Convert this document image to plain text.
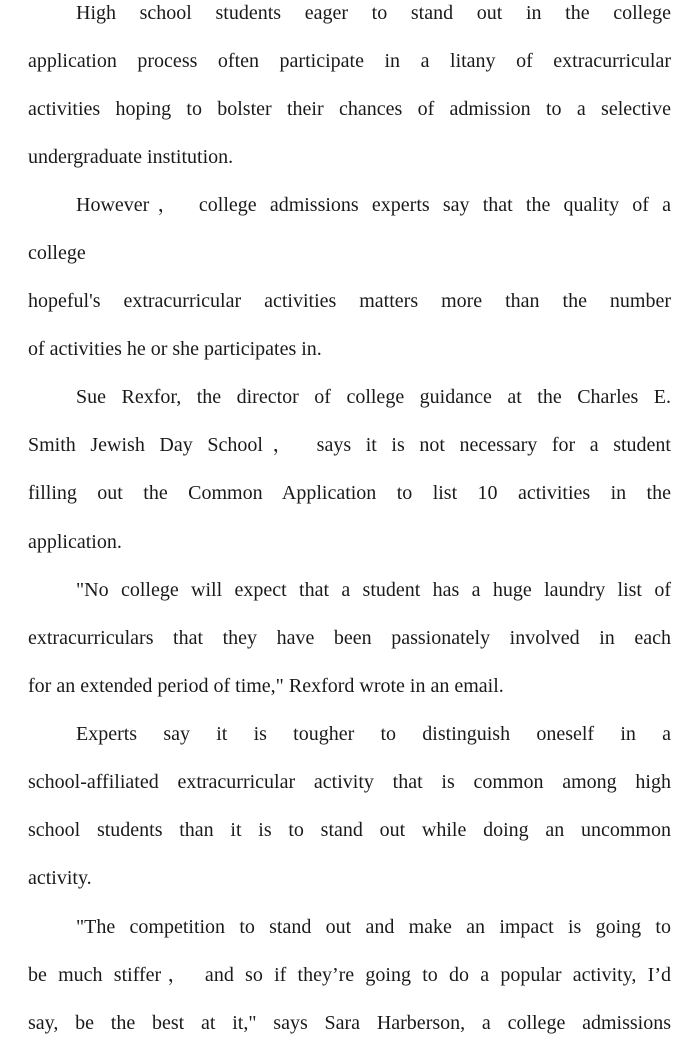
High school students eager to stand out in the college
application process often participate in a litany of extracurricular
activities hoping to bolster their chances of admission to a selective
undergraduate institution.
However， college admissions experts say that the quality of a
college
hopeful's extracurricular activities matters more than the number
of activities he or she participates in.
Sue Rexfor, the director of college guidance at the Charles E.
Smith Jewish Day School， says it is not necessary for a student
filling out the Common Application to list 10 activities in the
application.
"No college will expect that a student has a huge laundry list of
extracurriculars that they have been passionately involved in each
for an extended period of time," Rexford wrote in an email.
Experts say it is tougher to distinguish oneself in a
school-affiliated extracurricular activity that is common among high
school students than it is to stand out while doing an uncommon
activity.
"The competition to stand out and make an impact is going to
be much stiffer， and so if they’re going to do a popular activity, I’d
say, be the best at it," says Sara Harberson, a college admissions
